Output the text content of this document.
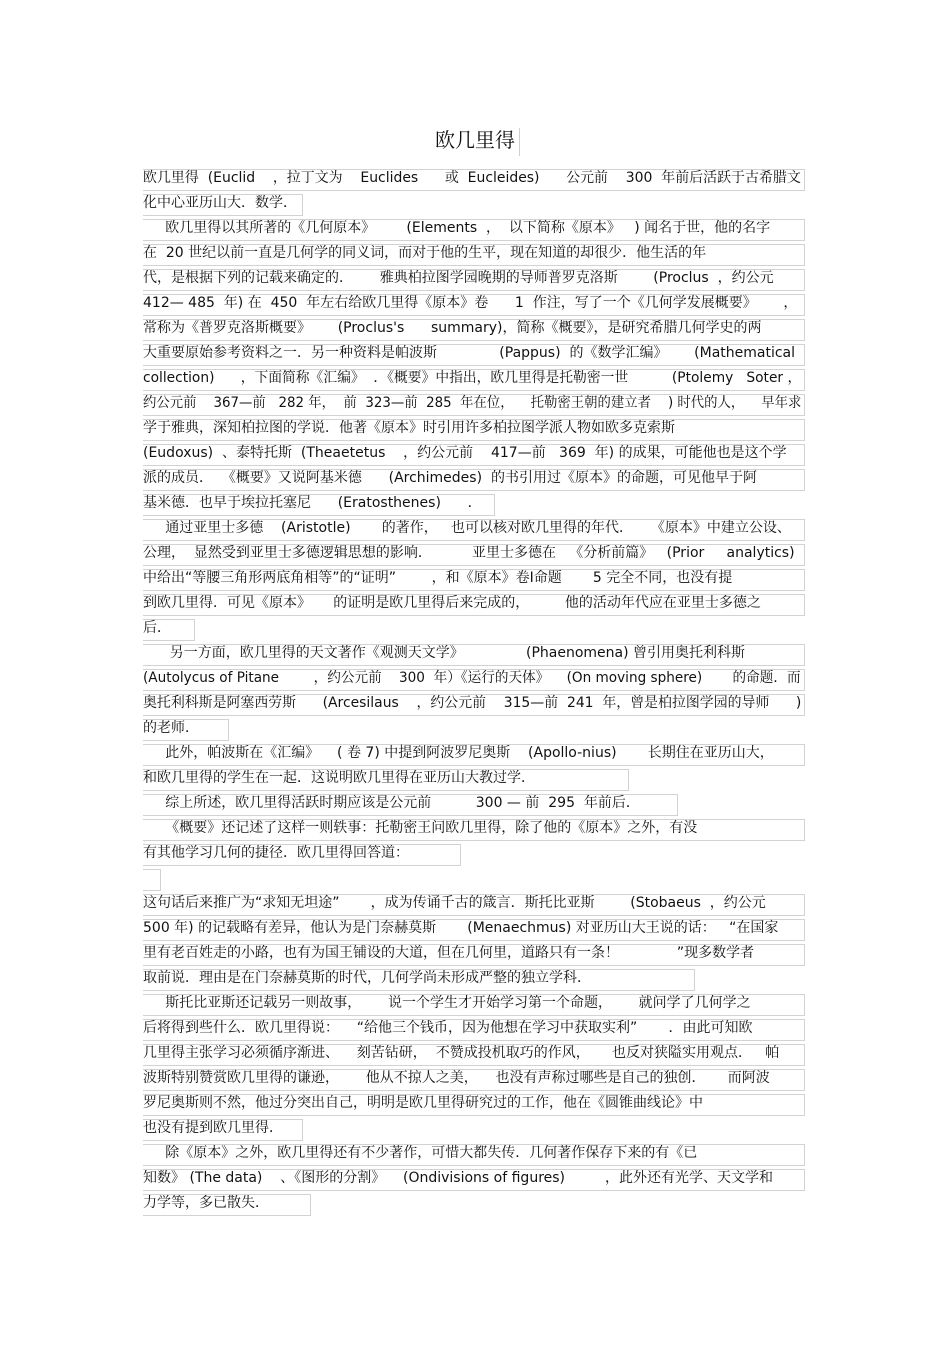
欧几里得
欧几里得  (Euclid    ，拉丁文为    Euclides      或  Eucleides)      公元前    300  年前后活跃于古希腊文
化中心亚历山大．数学．
欧几里得以其所著的《几何原本》       (Elements  ，  以下简称《原本》   ) 闻名于世，他的名字
在  20 世纪以前一直是几何学的同义词，而对于他的生平，现在知道的却很少．他生活的年
代，是根据下列的记载来确定的．      雅典柏拉图学园晚期的导师普罗克洛斯        (Proclus  ，约公元
412— 485  年) 在  450  年左右给欧几里得《原本》卷      1  作注，写了一个《几何学发展概要》      ，
常称为《普罗克洛斯概要》      (Proclus's      summary)，简称《概要》，是研究希腊几何学史的两
大重要原始参考资料之一．另一种资料是帕波斯              (Pappus)  的《数学汇编》      (Mathematical
collection)      ，下面简称《汇编》  ．《概要》中指出，欧几里得是托勒密一世          (Ptolemy   Soter ，
约公元前    367—前   282 年，  前  323—前  285  年在位，    托勒密王朝的建立者    ) 时代的人，    早年求
学于雅典，深知柏拉图的学说．他著《原本》时引用许多柏拉图学派人物如欧多克索斯
(Eudoxus)  、泰特托斯  (Theaetetus    ，约公元前    417—前   369  年) 的成果，可能他也是这个学
派的成员．  《概要》又说阿基米德      (Archimedes)  的书引用过《原本》的命题，可见他早于阿
基米德．也早于埃拉托塞尼      (Eratosthenes)      ．
通过亚里士多德    (Aristotle)       的著作，   也可以核对欧几里得的年代．    《原本》中建立公设、
公理，  显然受到亚里士多德逻辑思想的影响．         亚里士多德在   《分析前篇》   (Prior     analytics)
中给出“等腰三角形两底角相等”的“证明”        ，和《原本》卷Ⅰ命题       5 完全不同，也没有提
到欧几里得．可见《原本》     的证明是欧几里得后来完成的，        他的活动年代应在亚里士多德之
后．
另一方面，欧几里得的天文著作《观测天文学》              (Phaenomena) 曾引用奥托利科斯
(Autolycus of Pitane        ，约公元前    300  年）《运行的天体》    (On moving sphere)       的命题．而
奥托利科斯是阿塞西劳斯      (Arcesilaus    ，约公元前    315—前  241  年，曾是柏拉图学园的导师      )
的老师．
此外，帕波斯在《汇编》    ( 卷 7) 中提到阿波罗尼奥斯    (Apollo-nius)       长期住在亚历山大，
和欧几里得的学生在一起．这说明欧几里得在亚历山大教过学．
综上所述，欧几里得活跃时期应该是公元前          300 — 前  295  年前后．
《概要》还记述了这样一则轶事：托勒密王问欧几里得，除了他的《原本》之外，有没
有其他学习几何的捷径．欧几里得回答道：
这句话后来推广为“求知无坦途”       ，成为传诵千古的箴言．斯托比亚斯        (Stobaeus  ，约公元
500 年) 的记载略有差异，他认为是门奈赫莫斯       (Menaechmus) 对亚历山大王说的话：   “在国家
里有老百姓走的小路，也有为国王铺设的大道，但在几何里，道路只有一条！             ”现多数学者
取前说．理由是在门奈赫莫斯的时代，几何学尚未形成严整的独立学科．
斯托比亚斯还记载另一则故事，      说一个学生才开始学习第一个命题，      就问学了几何学之
后将得到些什么．欧几里得说：    “给他三个钱币，因为他想在学习中获取实利”       ．由此可知欧
几里得主张学习必须循序渐进、    刻苦钻研，  不赞成投机取巧的作风，     也反对狭隘实用观点．   帕
波斯特别赞赏欧几里得的谦逊，      他从不掠人之美，    也没有声称过哪些是自己的独创．     而阿波
罗尼奥斯则不然，他过分突出自己，明明是欧几里得研究过的工作，他在《圆锥曲线论》中
也没有提到欧几里得．
除《原本》之外，欧几里得还有不少著作，可惜大都失传．几何著作保存下来的有《已
知数》 (The data)    、《图形的分割》    (Ondivisions of figures)         ，此外还有光学、天文学和
力学等，多已散失．
